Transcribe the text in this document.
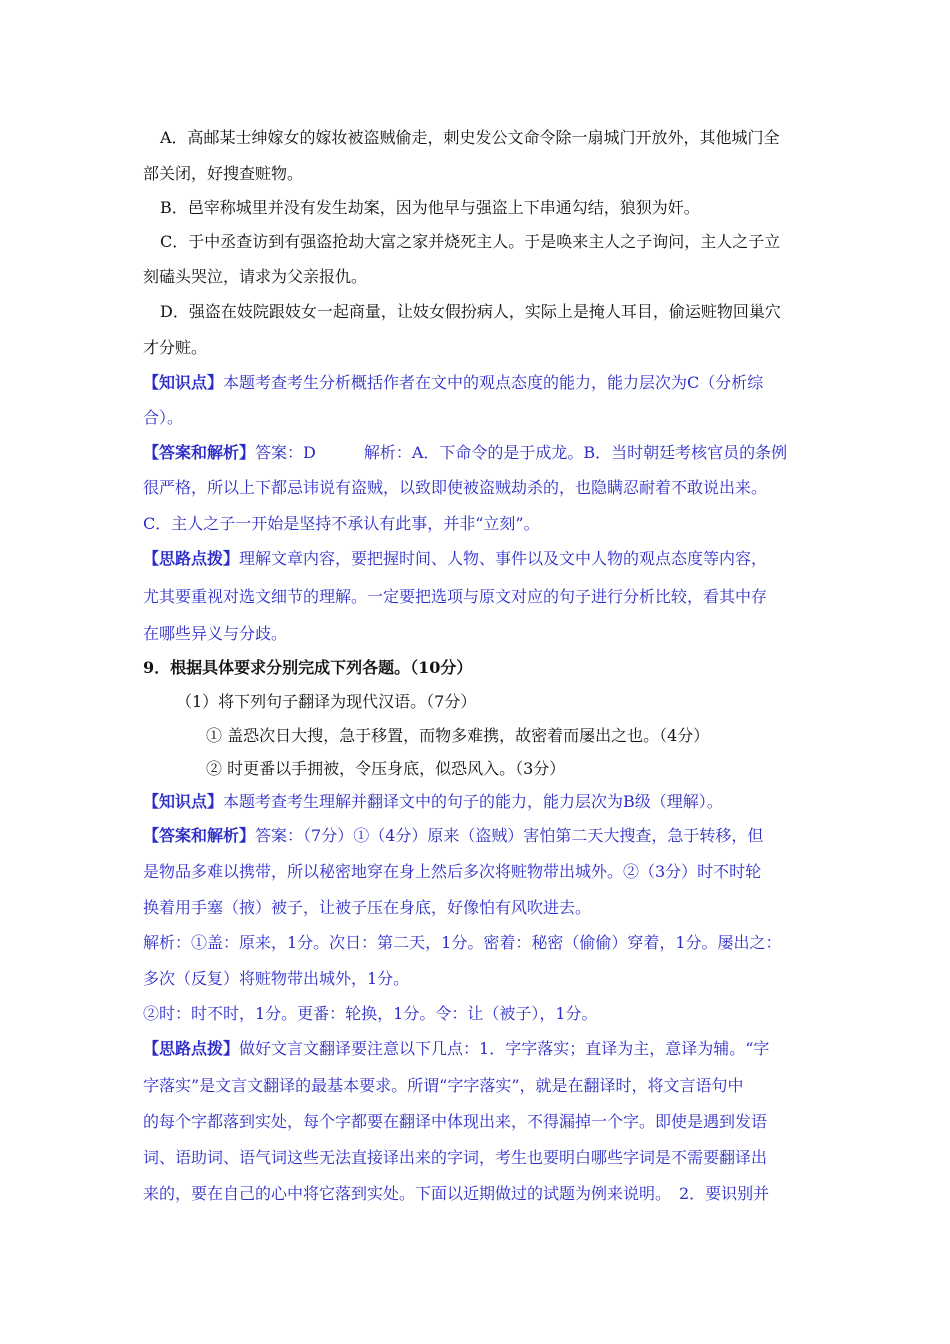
A．高邮某士绅嫁女的嫁妆被盗贼偷走，刺史发公文命令除一扇城门开放外，其他城门全
部关闭，好搜查赃物。
B．邑宰称城里并没有发生劫案，因为他早与强盗上下串通勾结，狼狈为奸。
C．于中丞查访到有强盗抢劫大富之家并烧死主人。于是唤来主人之子询问，主人之子立
刻磕头哭泣，请求为父亲报仇。
D．强盗在妓院跟妓女一起商量，让妓女假扮病人，实际上是掩人耳目，偷运赃物回巢穴
才分赃。
【知识点】本题考查考生分析概括作者在文中的观点态度的能力，能力层次为C（分析综
合）。
【答案和解析】答案：D　　　解析：A．下命令的是于成龙。B．当时朝廷考核官员的条例
很严格，所以上下都忌讳说有盗贼，以致即使被盗贼劫杀的，也隐瞒忍耐着不敢说出来。
C．主人之子一开始是坚持不承认有此事，并非“立刻”。
【思路点拨】理解文章内容，要把握时间、人物、事件以及文中人物的观点态度等内容，
尤其要重视对选文细节的理解。一定要把选项与原文对应的句子进行分析比较，看其中存
在哪些异义与分歧。
9．根据具体要求分别完成下列各题。（10分）
（1）将下列句子翻译为现代汉语。（7分）
① 盖恐次日大搜，急于移置，而物多难携，故密着而屡出之也。（4分）
② 时更番以手拥被，令压身底，似恐风入。（3分）
【知识点】本题考查考生理解并翻译文中的句子的能力，能力层次为B级（理解）。
【答案和解析】答案：（7分）①（4分）原来（盗贼）害怕第二天大搜查，急于转移，但
是物品多难以携带，所以秘密地穿在身上然后多次将赃物带出城外。②（3分）时不时轮
换着用手塞（掖）被子，让被子压在身底，好像怕有风吹进去。
解析：①盖：原来，1分。次日：第二天，1分。密着：秘密（偷偷）穿着，1分。屡出之：
多次（反复）将赃物带出城外，1分。
②时：时不时，1分。更番：轮换，1分。令：让（被子），1分。
【思路点拨】做好文言文翻译要注意以下几点：1．字字落实；直译为主，意译为辅。“字
字落实”是文言文翻译的最基本要求。所谓“字字落实”，就是在翻译时，将文言语句中
的每个字都落到实处，每个字都要在翻译中体现出来，不得漏掉一个字。即使是遇到发语
词、语助词、语气词这些无法直接译出来的字词，考生也要明白哪些字词是不需要翻译出
来的，要在自己的心中将它落到实处。下面以近期做过的试题为例来说明。　2．要识别并
